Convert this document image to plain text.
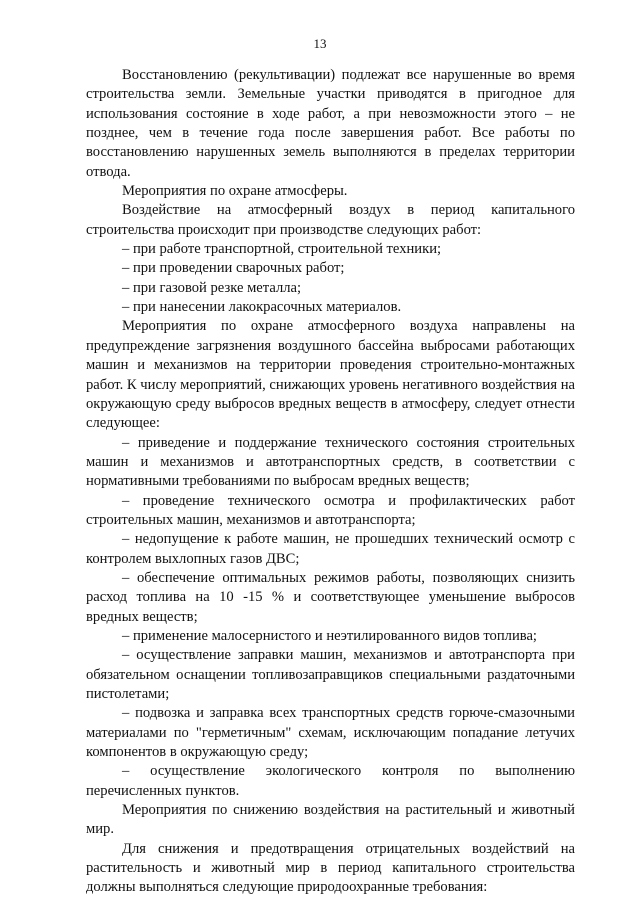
13

Восстановлению (рекультивации) подлежат все нарушенные во время строительства земли. Земельные участки приводятся в пригодное для использования состояние в ходе работ, а при невозможности этого – не позднее, чем в течение года после завершения работ. Все работы по восстановлению нарушенных земель выполняются в пределах территории отвода.

Мероприятия по охране атмосферы.

Воздействие на атмосферный воздух в период капитального строительства происходит при производстве следующих работ:

– при работе транспортной, строительной техники;

– при проведении сварочных работ;

– при газовой резке металла;

– при нанесении лакокрасочных материалов.

Мероприятия по охране атмосферного воздуха направлены на предупреждение загрязнения воздушного бассейна выбросами работающих машин и механизмов на территории проведения строительно-монтажных работ. К числу мероприятий, снижающих уровень негативного воздействия на окружающую среду выбросов вредных веществ в атмосферу, следует отнести следующее:

– приведение и поддержание технического состояния строительных машин и механизмов и автотранспортных средств, в соответствии с нормативными требованиями по выбросам вредных веществ;

– проведение технического осмотра и профилактических работ строительных машин, механизмов и автотранспорта;

– недопущение к работе машин, не прошедших технический осмотр с контролем выхлопных газов ДВС;

– обеспечение оптимальных режимов работы, позволяющих снизить расход топлива на 10 -15 % и соответствующее уменьшение выбросов вредных веществ;

– применение малосернистого и неэтилированного видов топлива;

– осуществление заправки машин, механизмов и автотранспорта при обязательном оснащении топливозаправщиков специальными раздаточными пистолетами;

– подвозка и заправка всех транспортных средств горюче-смазочными материалами по "герметичным" схемам, исключающим попадание летучих компонентов в окружающую среду;

– осуществление экологического контроля по выполнению перечисленных пунктов.

Мероприятия по снижению воздействия на растительный и животный мир.

Для снижения и предотвращения отрицательных воздействий на растительность и животный мир в период капитального строительства должны выполняться следующие природоохранные требования:
